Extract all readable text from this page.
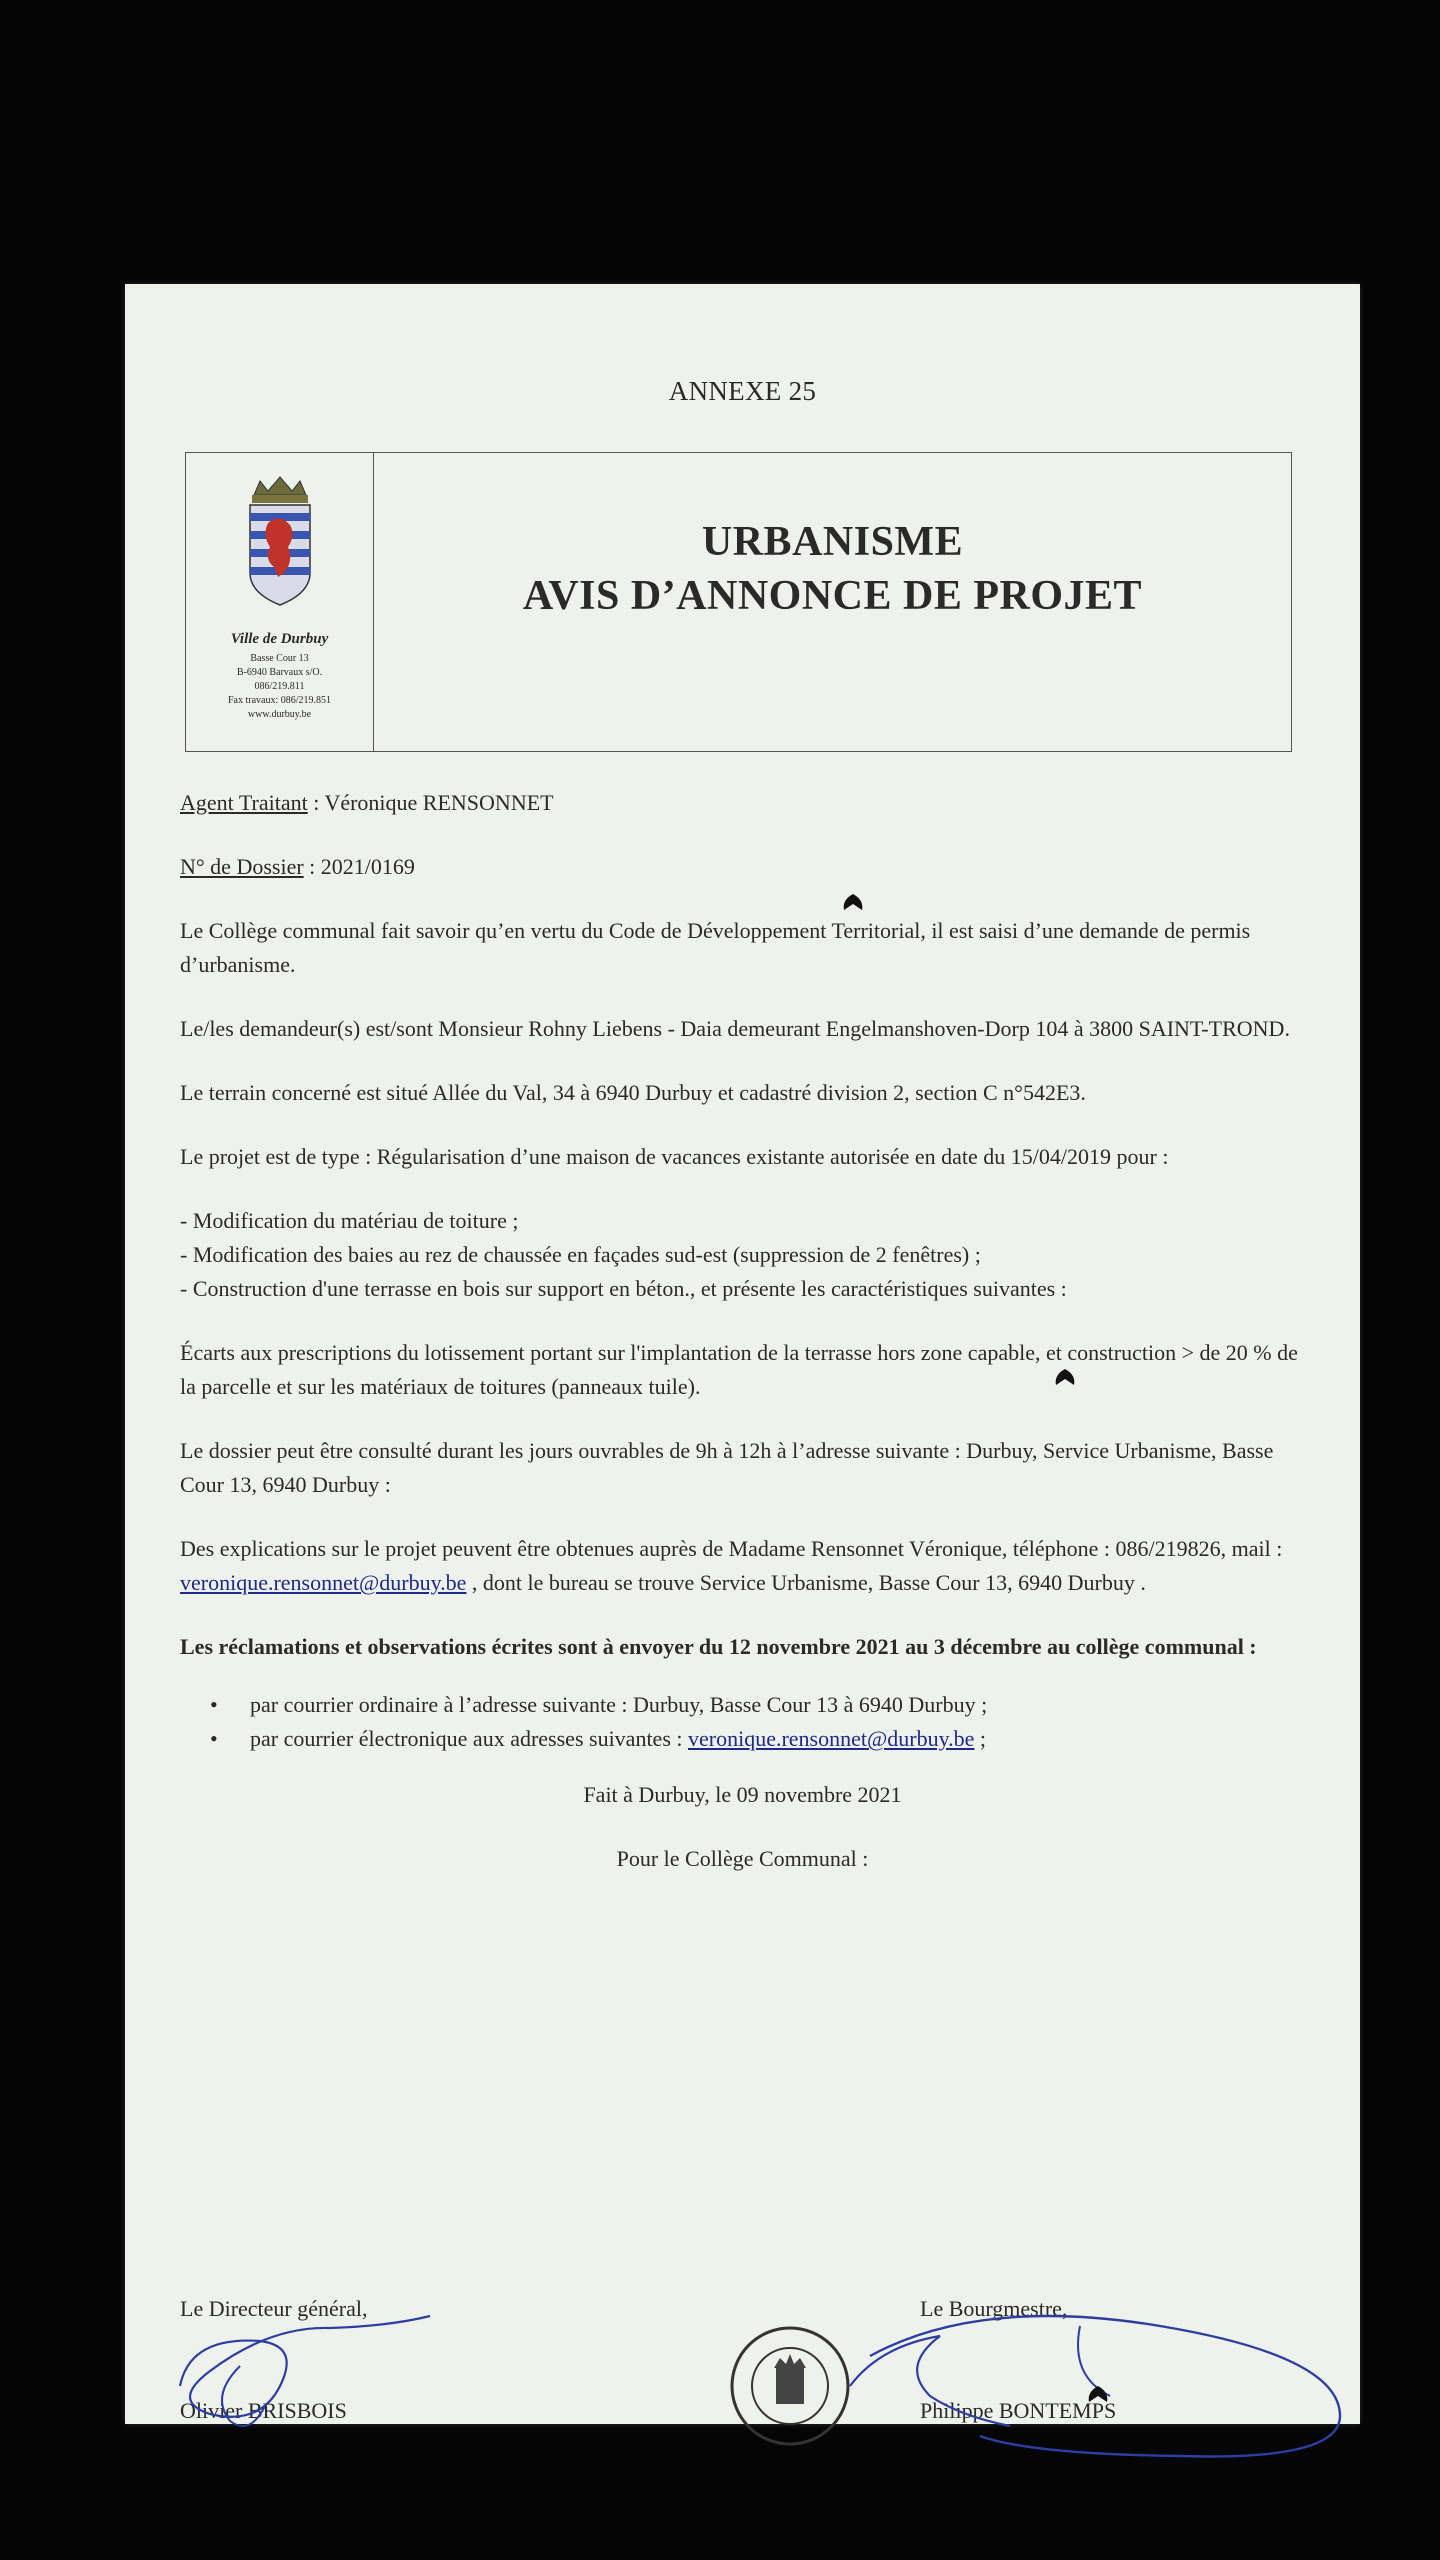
ANNEXE 25
Ville de Durbuy
Basse Cour 13
B-6940 Barvaux s/O.
086/219.811
Fax travaux: 086/219.851
www.durbuy.be
URBANISME
AVIS D’ANNONCE DE PROJET

Agent Traitant : Véronique RENSONNET

N° de Dossier : 2021/0169

Le Collège communal fait savoir qu’en vertu du Code de Développement Territorial, il est saisi d’une demande de permis d’urbanisme.

Le/les demandeur(s) est/sont Monsieur Rohny Liebens - Daia demeurant Engelmanshoven-Dorp 104 à 3800 SAINT-TROND.

Le terrain concerné est situé Allée du Val, 34 à 6940 Durbuy et cadastré division 2, section C n°542E3.

Le projet est de type : Régularisation d’une maison de vacances existante autorisée en date du 15/04/2019 pour :

- Modification du matériau de toiture ;
- Modification des baies au rez de chaussée en façades sud-est (suppression de 2 fenêtres) ;
- Construction d'une terrasse en bois sur support en béton., et présente les caractéristiques suivantes :

Écarts aux prescriptions du lotissement portant sur l'implantation de la terrasse hors zone capable, et construction > de 20 % de la parcelle et sur les matériaux de toitures (panneaux tuile).

Le dossier peut être consulté durant les jours ouvrables de 9h à 12h à l’adresse suivante : Durbuy, Service Urbanisme, Basse Cour 13, 6940 Durbuy :

Des explications sur le projet peuvent être obtenues auprès de Madame Rensonnet Véronique, téléphone : 086/219826, mail : veronique.rensonnet@durbuy.be , dont le bureau se trouve Service Urbanisme, Basse Cour 13, 6940 Durbuy .

Les réclamations et observations écrites sont à envoyer du 12 novembre 2021 au 3 décembre au collège communal :

• par courrier ordinaire à l’adresse suivante : Durbuy, Basse Cour 13 à 6940 Durbuy ;
• par courrier électronique aux adresses suivantes : veronique.rensonnet@durbuy.be ;

Fait à Durbuy, le 09 novembre 2021

Pour le Collège Communal :

Le Directeur général,
Olivier BRISBOIS
Le Bourgmestre,
Philippe BONTEMPS
